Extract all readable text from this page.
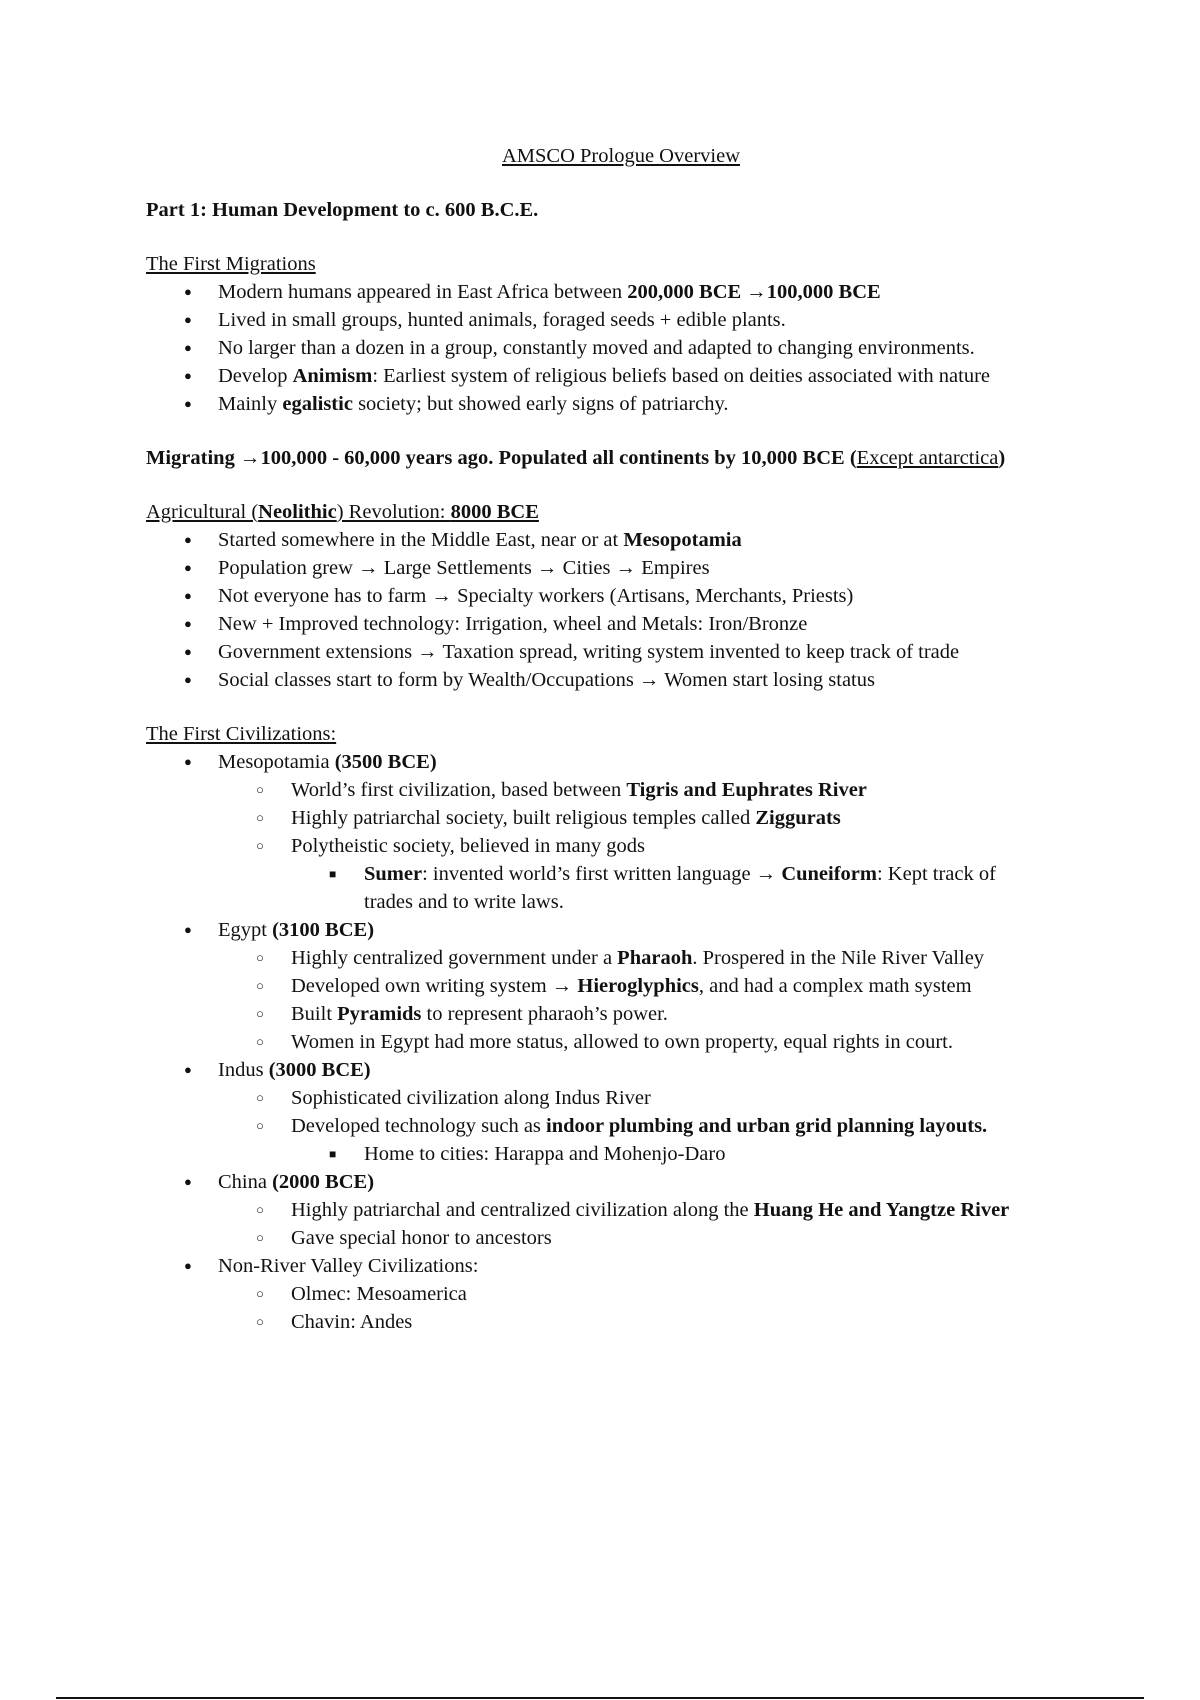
AMSCO Prologue Overview
Part 1: Human Development to c. 600 B.C.E.
The First Migrations
● Modern humans appeared in East Africa between 200,000 BCE →100,000 BCE
● Lived in small groups, hunted animals, foraged seeds + edible plants.
● No larger than a dozen in a group, constantly moved and adapted to changing environments.
● Develop Animism: Earliest system of religious beliefs based on deities associated with nature
● Mainly egalistic society; but showed early signs of patriarchy.
Migrating →100,000 - 60,000 years ago. Populated all continents by 10,000 BCE (Except antarctica)
Agricultural (Neolithic) Revolution: 8000 BCE
● Started somewhere in the Middle East, near or at Mesopotamia
● Population grew → Large Settlements → Cities → Empires
● Not everyone has to farm → Specialty workers (Artisans, Merchants, Priests)
● New + Improved technology: Irrigation, wheel and Metals: Iron/Bronze
● Government extensions → Taxation spread, writing system invented to keep track of trade
● Social classes start to form by Wealth/Occupations → Women start losing status
The First Civilizations:
● Mesopotamia (3500 BCE)
○ World’s first civilization, based between Tigris and Euphrates River
○ Highly patriarchal society, built religious temples called Ziggurats
○ Polytheistic society, believed in many gods
■ Sumer: invented world’s first written language → Cuneiform: Kept track of trades and to write laws.
● Egypt (3100 BCE)
○ Highly centralized government under a Pharaoh. Prospered in the Nile River Valley
○ Developed own writing system → Hieroglyphics, and had a complex math system
○ Built Pyramids to represent pharaoh’s power.
○ Women in Egypt had more status, allowed to own property, equal rights in court.
● Indus (3000 BCE)
○ Sophisticated civilization along Indus River
○ Developed technology such as indoor plumbing and urban grid planning layouts.
■ Home to cities: Harappa and Mohenjo-Daro
● China (2000 BCE)
○ Highly patriarchal and centralized civilization along the Huang He and Yangtze River
○ Gave special honor to ancestors
● Non-River Valley Civilizations:
○ Olmec: Mesoamerica
○ Chavin: Andes
